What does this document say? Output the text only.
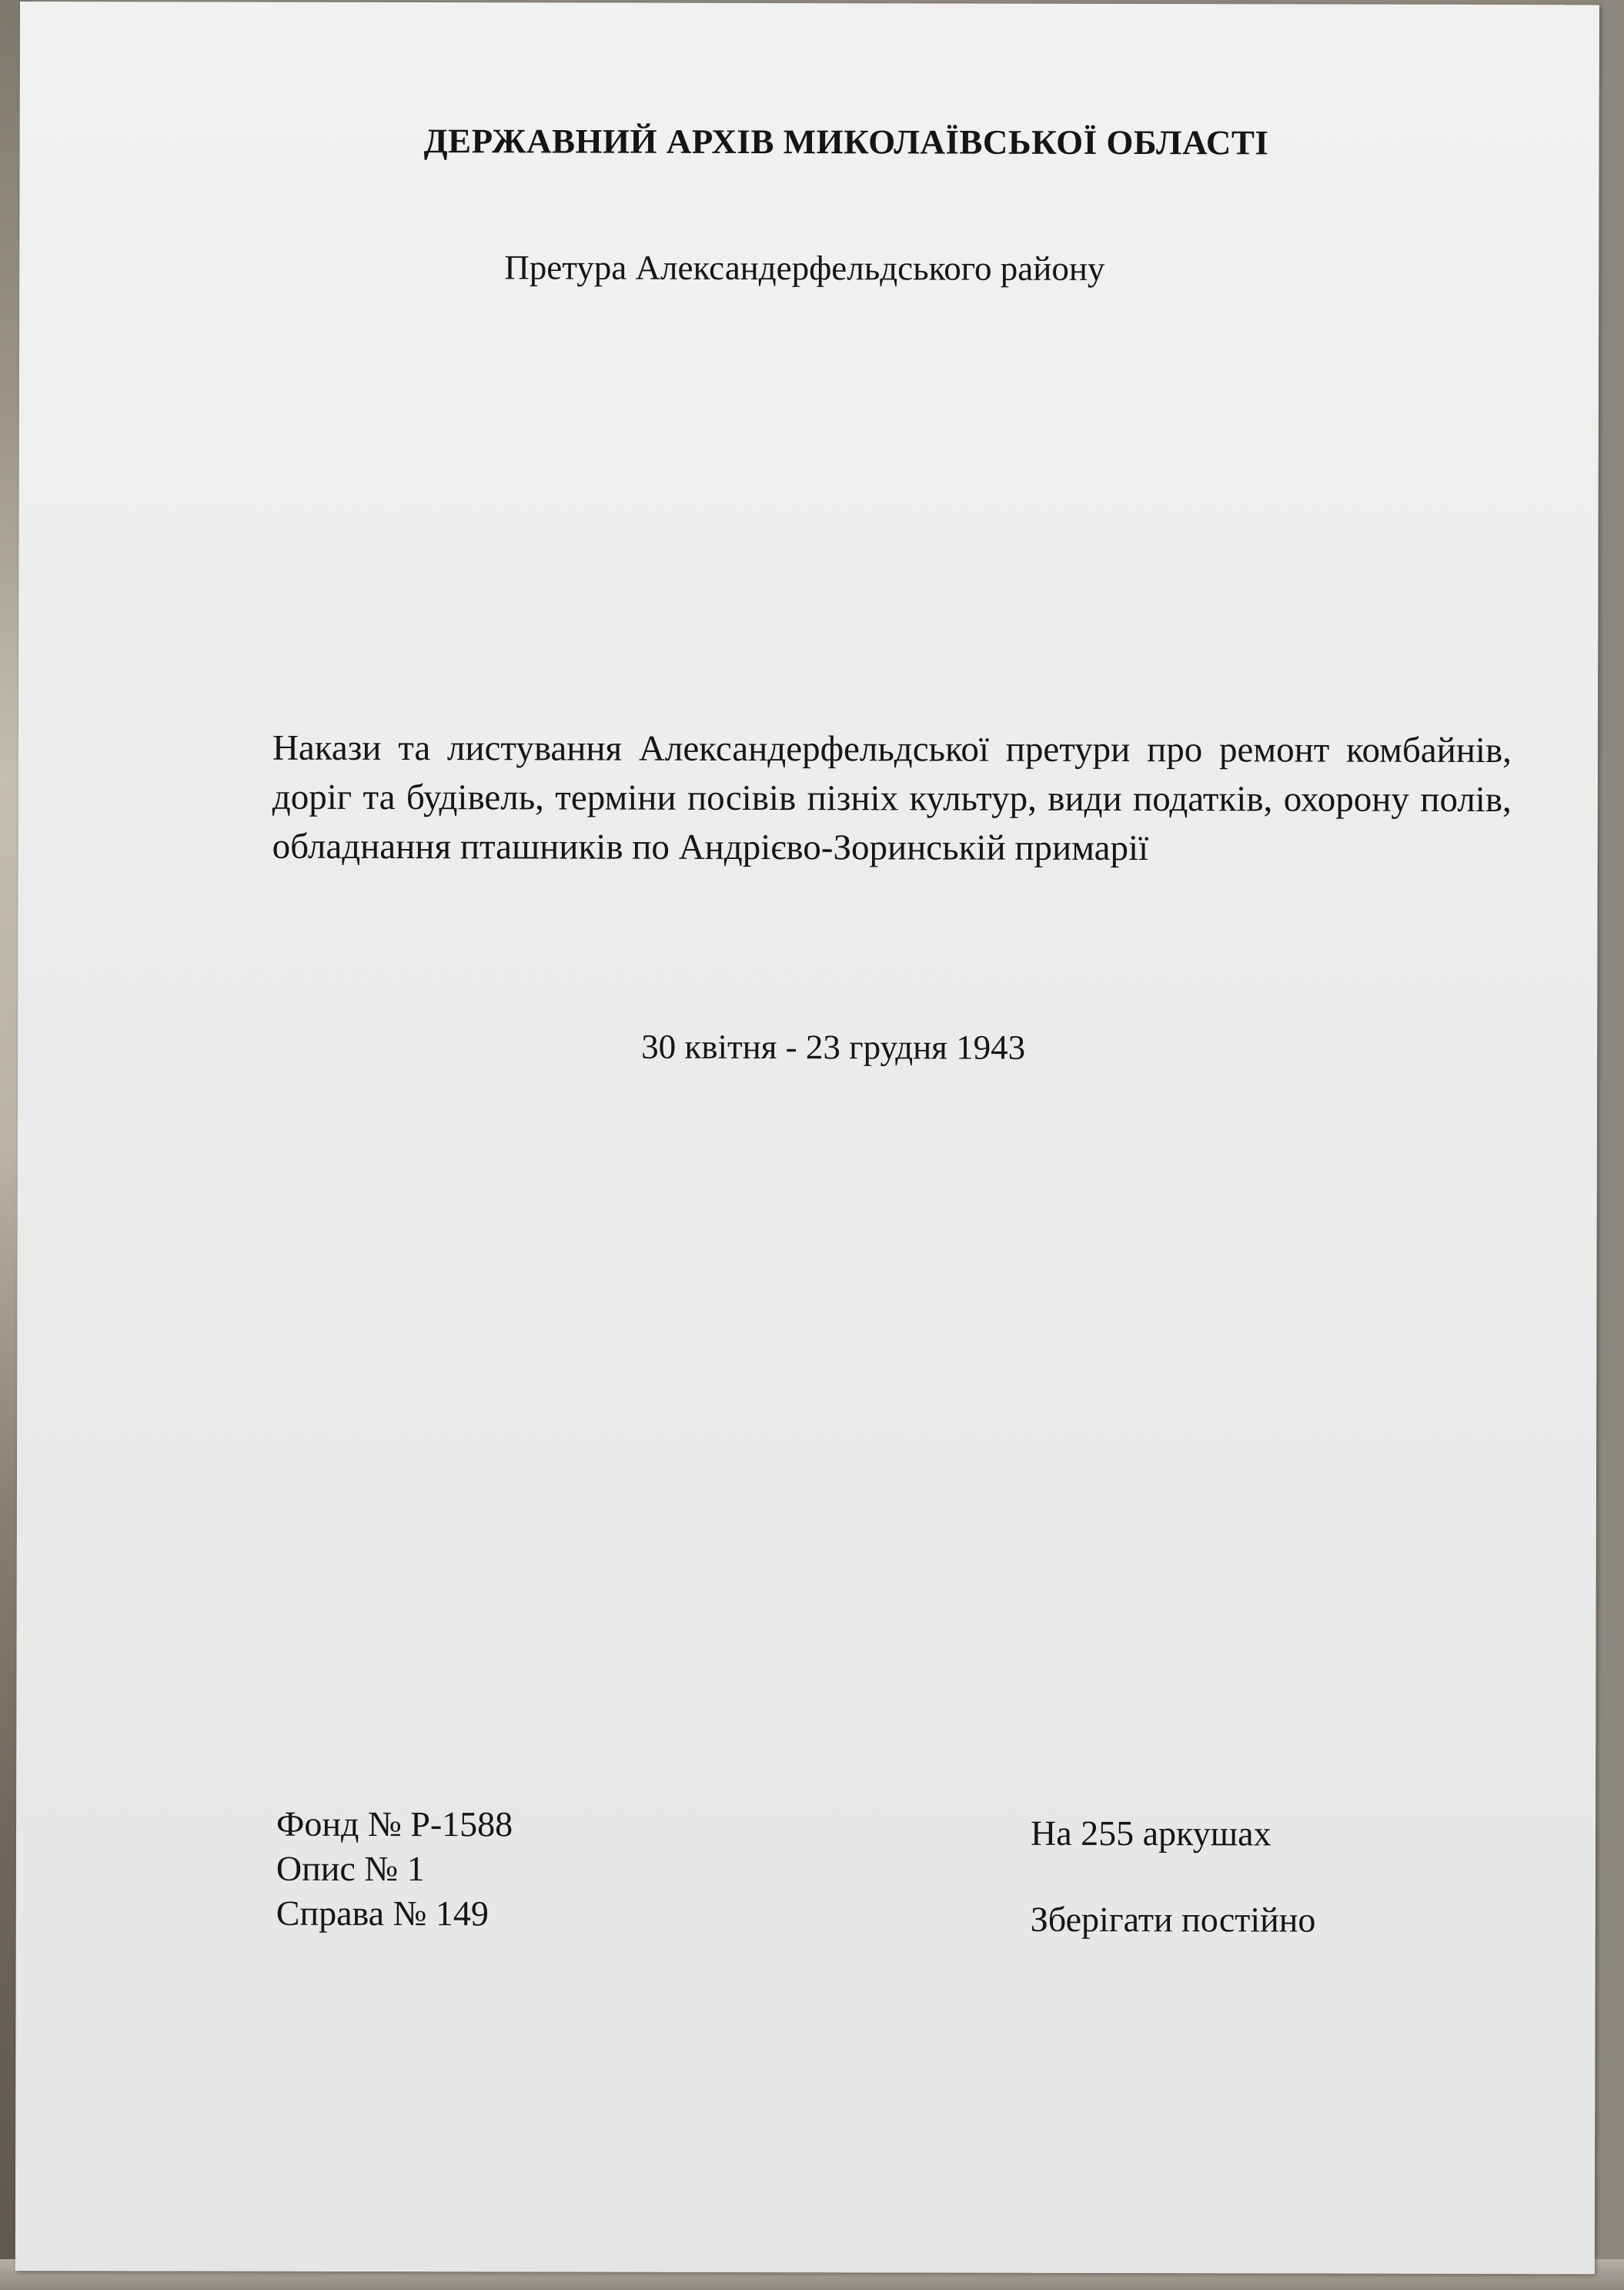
ДЕРЖАВНИЙ АРХІВ МИКОЛАЇВСЬКОЇ ОБЛАСТІ

Претура Александерфельдського району

Накази та листування Александерфельдської претури про ремонт комбайнів, доріг та будівель, терміни посівів пізніх культур, види податків, охорону полів, обладнання пташників по Андрієво-Зоринській примарії

30 квітня - 23 грудня 1943

Фонд № Р-1588
Опис № 1
Справа № 149

На 255 аркушах

Зберігати постійно
